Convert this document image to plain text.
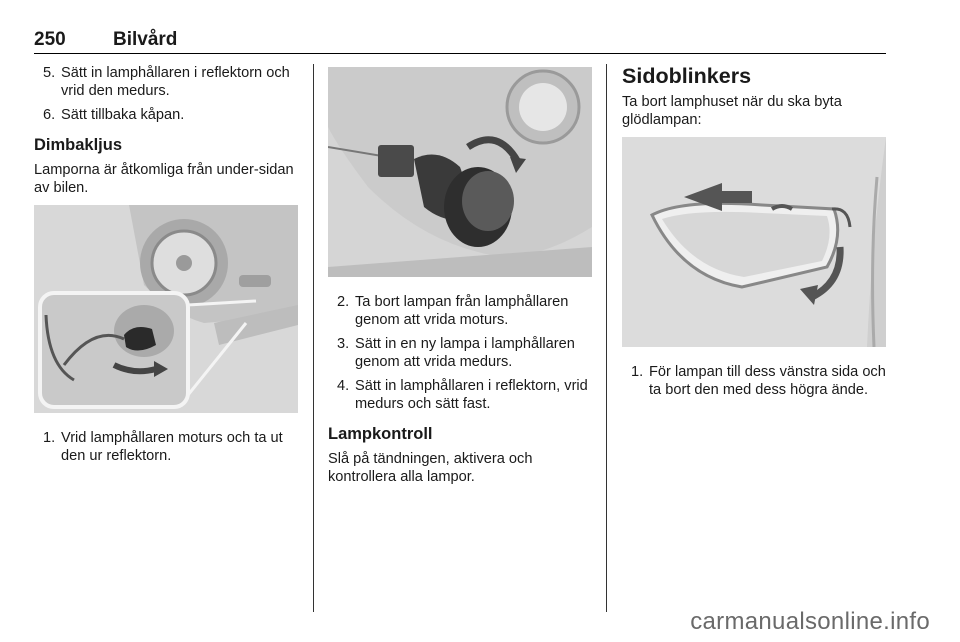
250 Bilvård
5. Sätt in lamphållaren i reflektorn och vrid den medurs.
6. Sätt tillbaka kåpan.
Dimbakljus
Lamporna är åtkomliga från under-sidan av bilen.
1. Vrid lamphållaren moturs och ta ut den ur reflektorn.
2. Ta bort lampan från lamphållaren genom att vrida moturs.
3. Sätt in en ny lampa i lamphållaren genom att vrida medurs.
4. Sätt in lamphållaren i reflektorn, vrid medurs och sätt fast.
Lampkontroll
Slå på tändningen, aktivera och kontrollera alla lampor.
Sidoblinkers
Ta bort lamphuset när du ska byta glödlampan:
1. För lampan till dess vänstra sida och ta bort den med dess högra ände.
carmanualsonline.info
